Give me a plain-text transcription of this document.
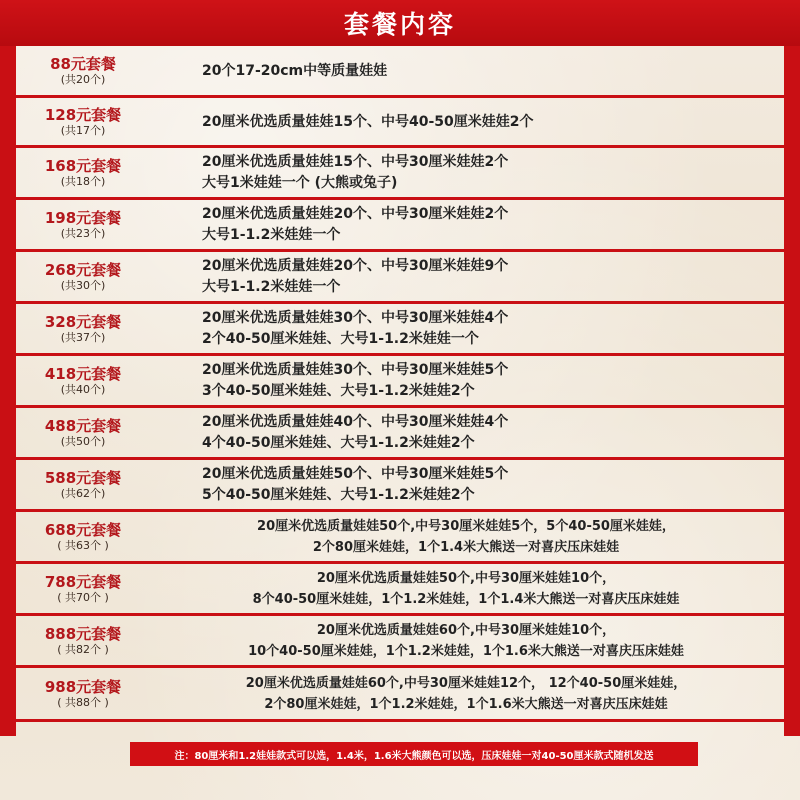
套餐内容
88元套餐
(共20个)
20个17-20cm中等质量娃娃
128元套餐
(共17个)
20厘米优选质量娃娃15个、中号40-50厘米娃娃2个
168元套餐
(共18个)
20厘米优选质量娃娃15个、中号30厘米娃娃2个
大号1米娃娃一个 (大熊或兔子)
198元套餐
(共23个)
20厘米优选质量娃娃20个、中号30厘米娃娃2个
大号1-1.2米娃娃一个
268元套餐
(共30个)
20厘米优选质量娃娃20个、中号30厘米娃娃9个
大号1-1.2米娃娃一个
328元套餐
(共37个)
20厘米优选质量娃娃30个、中号30厘米娃娃4个
2个40-50厘米娃娃、大号1-1.2米娃娃一个
418元套餐
(共40个)
20厘米优选质量娃娃30个、中号30厘米娃娃5个
3个40-50厘米娃娃、大号1-1.2米娃娃2个
488元套餐
(共50个)
20厘米优选质量娃娃40个、中号30厘米娃娃4个
4个40-50厘米娃娃、大号1-1.2米娃娃2个
588元套餐
(共62个)
20厘米优选质量娃娃50个、中号30厘米娃娃5个
5个40-50厘米娃娃、大号1-1.2米娃娃2个
688元套餐
( 共63个 )
20厘米优选质量娃娃50个,中号30厘米娃娃5个，5个40-50厘米娃娃，
2个80厘米娃娃，1个1.4米大熊送一对喜庆压床娃娃
788元套餐
( 共70个 )
20厘米优选质量娃娃50个,中号30厘米娃娃10个，
8个40-50厘米娃娃，1个1.2米娃娃，1个1.4米大熊送一对喜庆压床娃娃
888元套餐
( 共82个 )
20厘米优选质量娃娃60个,中号30厘米娃娃10个，
10个40-50厘米娃娃，1个1.2米娃娃，1个1.6米大熊送一对喜庆压床娃娃
988元套餐
( 共88个 )
20厘米优选质量娃娃60个,中号30厘米娃娃12个， 12个40-50厘米娃娃，
2个80厘米娃娃，1个1.2米娃娃，1个1.6米大熊送一对喜庆压床娃娃
注：80厘米和1.2娃娃款式可以选，1.4米，1.6米大熊颜色可以选，压床娃娃一对40-50厘米款式随机发送
